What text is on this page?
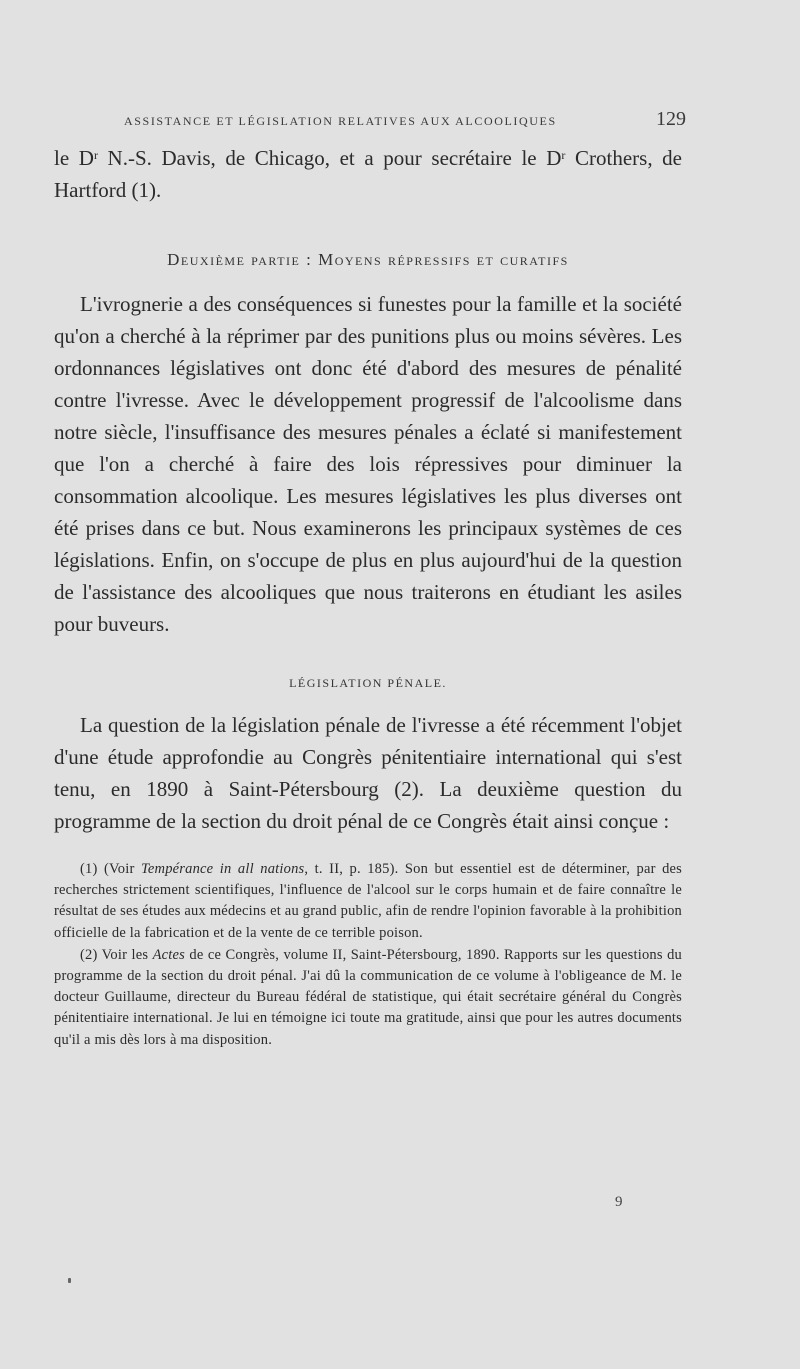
ASSISTANCE ET LÉGISLATION RELATIVES AUX ALCOOLIQUES	129

le $D^r$ N.-S. Davis, de Chicago, et a pour secrétaire le $D^r$ Crothers, de Hartford (1).

Deuxième partie : Moyens répressifs et curatifs

L'ivrognerie a des conséquences si funestes pour la famille et la société qu'on a cherché à la réprimer par des punitions plus ou moins sévères. Les ordonnances législatives ont donc été d'abord des mesures de pénalité contre l'ivresse. Avec le développement progressif de l'alcoolisme dans notre siècle, l'insuffisance des mesures pénales a éclaté si manifestement que l'on a cherché à faire des lois répressives pour diminuer la consommation alcoolique. Les mesures législatives les plus diverses ont été prises dans ce but. Nous examinerons les principaux systèmes de ces législations. Enfin, on s'occupe de plus en plus aujourd'hui de la question de l'assistance des alcooliques que nous traiterons en étudiant les asiles pour buveurs.

LÉGISLATION PÉNALE.

La question de la législation pénale de l'ivresse a été récemment l'objet d'une étude approfondie au Congrès pénitentiaire international qui s'est tenu, en 1890 à Saint-Pétersbourg (2). La deuxième question du programme de la section du droit pénal de ce Congrès était ainsi conçue :

(1) (Voir Tempérance in all nations, t. II, p. 185). Son but essentiel est de déterminer, par des recherches strictement scientifiques, l'influence de l'alcool sur le corps humain et de faire connaître le résultat de ses études aux médecins et au grand public, afin de rendre l'opinion favorable à la prohibition officielle de la fabrication et de la vente de ce terrible poison.

(2) Voir les Actes de ce Congrès, volume II, Saint-Pétersbourg, 1890. Rapports sur les questions du programme de la section du droit pénal. J'ai dû la communication de ce volume à l'obligeance de M. le docteur Guillaume, directeur du Bureau fédéral de statistique, qui était secrétaire général du Congrès pénitentiaire international. Je lui en témoigne ici toute ma gratitude, ainsi que pour les autres documents qu'il a mis dès lors à ma disposition.

9
